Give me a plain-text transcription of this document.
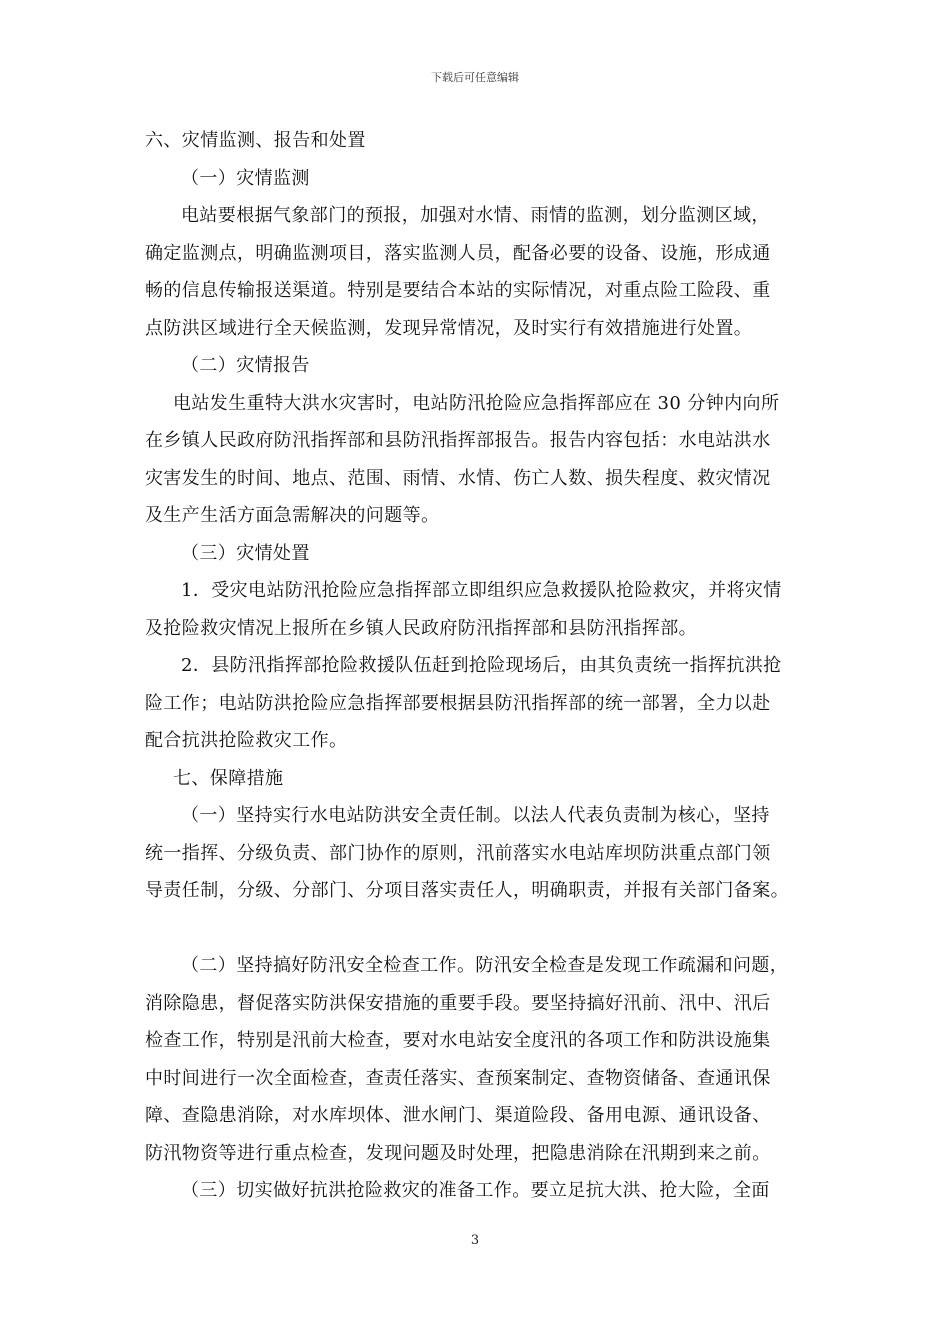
下载后可任意编辑
六、灾情监测、报告和处置
（一）灾情监测
电站要根据气象部门的预报，加强对水情、雨情的监测，划分监测区域，
确定监测点，明确监测项目，落实监测人员，配备必要的设备、设施，形成通
畅的信息传输报送渠道。特别是要结合本站的实际情况，对重点险工险段、重
点防洪区域进行全天候监测，发现异常情况，及时实行有效措施进行处置。
（二）灾情报告
电站发生重特大洪水灾害时，电站防汛抢险应急指挥部应在 30 分钟内向所
在乡镇人民政府防汛指挥部和县防汛指挥部报告。报告内容包括：水电站洪水
灾害发生的时间、地点、范围、雨情、水情、伤亡人数、损失程度、救灾情况
及生产生活方面急需解决的问题等。
（三）灾情处置
1．受灾电站防汛抢险应急指挥部立即组织应急救援队抢险救灾，并将灾情
及抢险救灾情况上报所在乡镇人民政府防汛指挥部和县防汛指挥部。
2．县防汛指挥部抢险救援队伍赶到抢险现场后，由其负责统一指挥抗洪抢
险工作；电站防洪抢险应急指挥部要根据县防汛指挥部的统一部署，全力以赴
配合抗洪抢险救灾工作。
七、保障措施
（一）坚持实行水电站防洪安全责任制。以法人代表负责制为核心，坚持
统一指挥、分级负责、部门协作的原则，汛前落实水电站库坝防洪重点部门领
导责任制，分级、分部门、分项目落实责任人，明确职责，并报有关部门备案。
（二）坚持搞好防汛安全检查工作。防汛安全检查是发现工作疏漏和问题，
消除隐患，督促落实防洪保安措施的重要手段。要坚持搞好汛前、汛中、汛后
检查工作，特别是汛前大检查，要对水电站安全度汛的各项工作和防洪设施集
中时间进行一次全面检查，查责任落实、查预案制定、查物资储备、查通讯保
障、查隐患消除，对水库坝体、泄水闸门、渠道险段、备用电源、通讯设备、
防汛物资等进行重点检查，发现问题及时处理，把隐患消除在汛期到来之前。
（三）切实做好抗洪抢险救灾的准备工作。要立足抗大洪、抢大险，全面
3
